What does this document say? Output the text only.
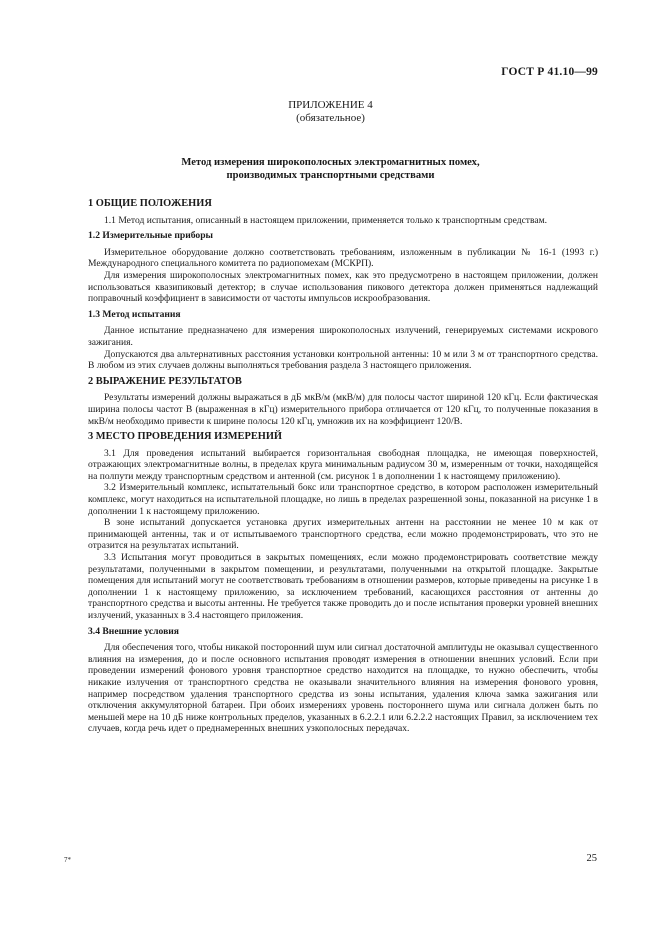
ГОСТ Р 41.10—99
ПРИЛОЖЕНИЕ 4
(обязательное)
Метод измерения широкополосных электромагнитных помех,
производимых транспортными средствами
1 ОБЩИЕ ПОЛОЖЕНИЯ

1.1 Метод испытания, описанный в настоящем приложении, применяется только к транспортным средствам.

1.2 Измерительные приборы

Измерительное оборудование должно соответствовать требованиям, изложенным в публикации № 16-1 (1993 г.) Международного специального комитета по радиопомехам (МСКРП).

Для измерения широкополосных электромагнитных помех, как это предусмотрено в настоящем приложении, должен использоваться квазипиковый детектор; в случае использования пикового детектора должен применяться надлежащий поправочный коэффициент в зависимости от частоты импульсов искрообразования.

1.3 Метод испытания

Данное испытание предназначено для измерения широкополосных излучений, генерируемых системами искрового зажигания.

Допускаются два альтернативных расстояния установки контрольной антенны: 10 м или 3 м от транспортного средства. В любом из этих случаев должны выполняться требования раздела 3 настоящего приложения.

2 ВЫРАЖЕНИЕ РЕЗУЛЬТАТОВ

Результаты измерений должны выражаться в дБ мкВ/м (мкВ/м) для полосы частот шириной 120 кГц. Если фактическая ширина полосы частот В (выраженная в кГц) измерительного прибора отличается от 120 кГц, то полученные показания в мкВ/м необходимо привести к ширине полосы 120 кГц, умножив их на коэффициент 120/В.

3 МЕСТО ПРОВЕДЕНИЯ ИЗМЕРЕНИЙ

3.1 Для проведения испытаний выбирается горизонтальная свободная площадка, не имеющая поверхностей, отражающих электромагнитные волны, в пределах круга минимальным радиусом 30 м, измеренным от точки, находящейся на полпути между транспортным средством и антенной (см. рисунок 1 в дополнении 1 к настоящему приложению).

3.2 Измерительный комплекс, испытательный бокс или транспортное средство, в котором расположен измерительный комплекс, могут находиться на испытательной площадке, но лишь в пределах разрешенной зоны, показанной на рисунке 1 в дополнении 1 к настоящему приложению.

В зоне испытаний допускается установка других измерительных антенн на расстоянии не менее 10 м как от принимающей антенны, так и от испытываемого транспортного средства, если можно продемонстрировать, что это не отразится на результатах испытаний.

3.3 Испытания могут проводиться в закрытых помещениях, если можно продемонстрировать соответствие между результатами, полученными в закрытом помещении, и результатами, полученными на открытой площадке. Закрытые помещения для испытаний могут не соответствовать требованиям в отношении размеров, которые приведены на рисунке 1 в дополнении 1 к настоящему приложению, за исключением требований, касающихся расстояния от антенны до транспортного средства и высоты антенны. Не требуется также проводить до и после испытания проверки уровней внешних излучений, указанных в 3.4 настоящего приложения.

3.4 Внешние условия

Для обеспечения того, чтобы никакой посторонний шум или сигнал достаточной амплитуды не оказывал существенного влияния на измерения, до и после основного испытания проводят измерения в отношении внешних условий. Если при проведении измерений фонового уровня транспортное средство находится на площадке, то нужно обеспечить, чтобы никакие излучения от транспортного средства не оказывали значительного влияния на измерения фонового уровня, например посредством удаления транспортного средства из зоны испытания, удаления ключа замка зажигания или отключения аккумуляторной батареи. При обоих измерениях уровень постороннего шума или сигнала должен быть по меньшей мере на 10 дБ ниже контрольных пределов, указанных в 6.2.2.1 или 6.2.2.2 настоящих Правил, за исключением тех случаев, когда речь идет о преднамеренных внешних узкополосных передачах.

7*	25
